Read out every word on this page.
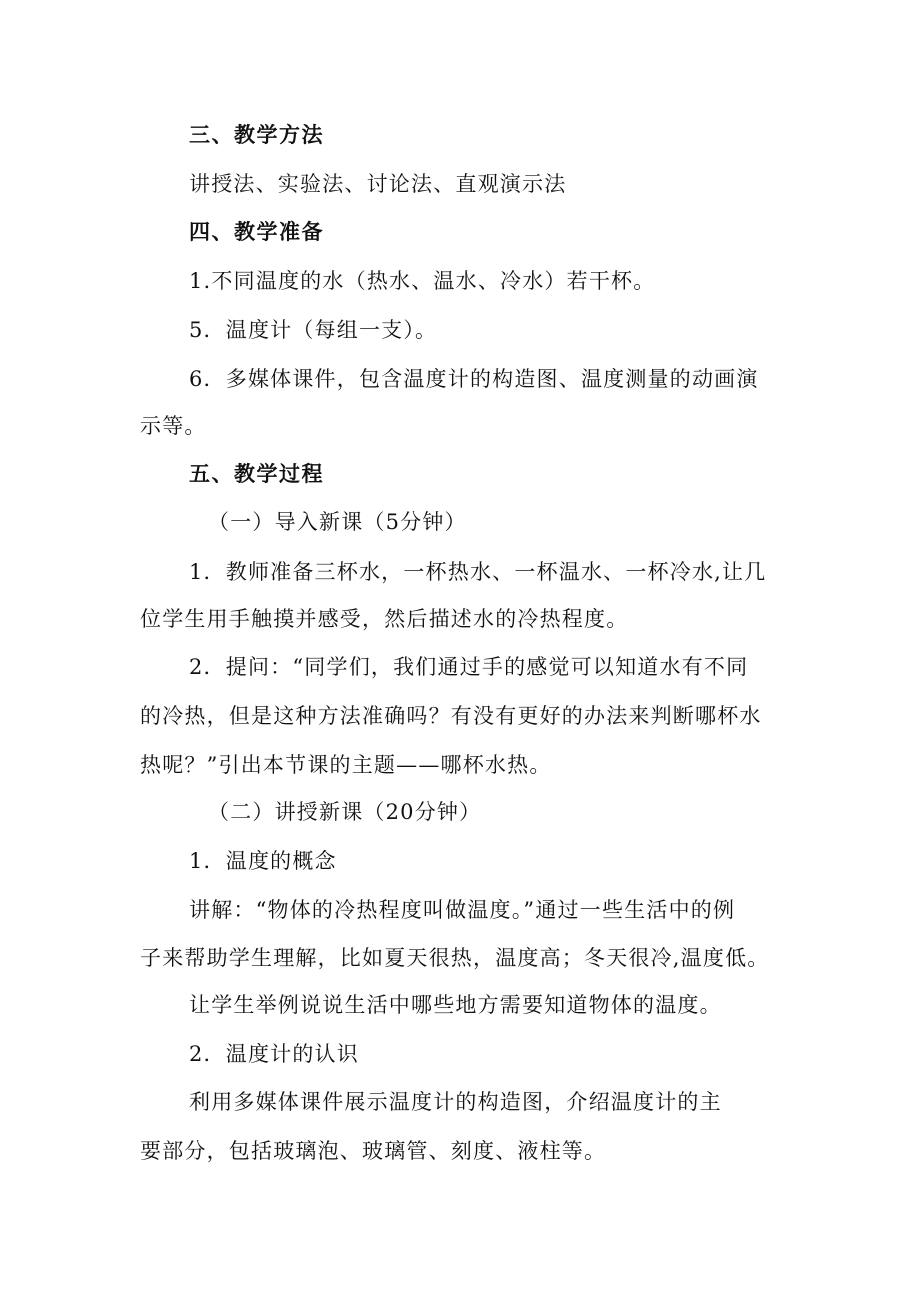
三、教学方法
讲授法、实验法、讨论法、直观演示法
四、教学准备
1.不同温度的水（热水、温水、冷水）若干杯。
5．温度计（每组一支）。
6．多媒体课件，包含温度计的构造图、温度测量的动画演
示等。
五、教学过程
（一）导入新课（5分钟）
1．教师准备三杯水，一杯热水、一杯温水、一杯冷水,让几
位学生用手触摸并感受，然后描述水的冷热程度。
2．提问：“同学们，我们通过手的感觉可以知道水有不同
的冷热，但是这种方法准确吗？有没有更好的办法来判断哪杯水
热呢？”引出本节课的主题——哪杯水热。
（二）讲授新课（20分钟）
1．温度的概念
讲解：“物体的冷热程度叫做温度。”通过一些生活中的例
子来帮助学生理解，比如夏天很热，温度高；冬天很冷,温度低。
让学生举例说说生活中哪些地方需要知道物体的温度。
2．温度计的认识
利用多媒体课件展示温度计的构造图，介绍温度计的主
要部分，包括玻璃泡、玻璃管、刻度、液柱等。
